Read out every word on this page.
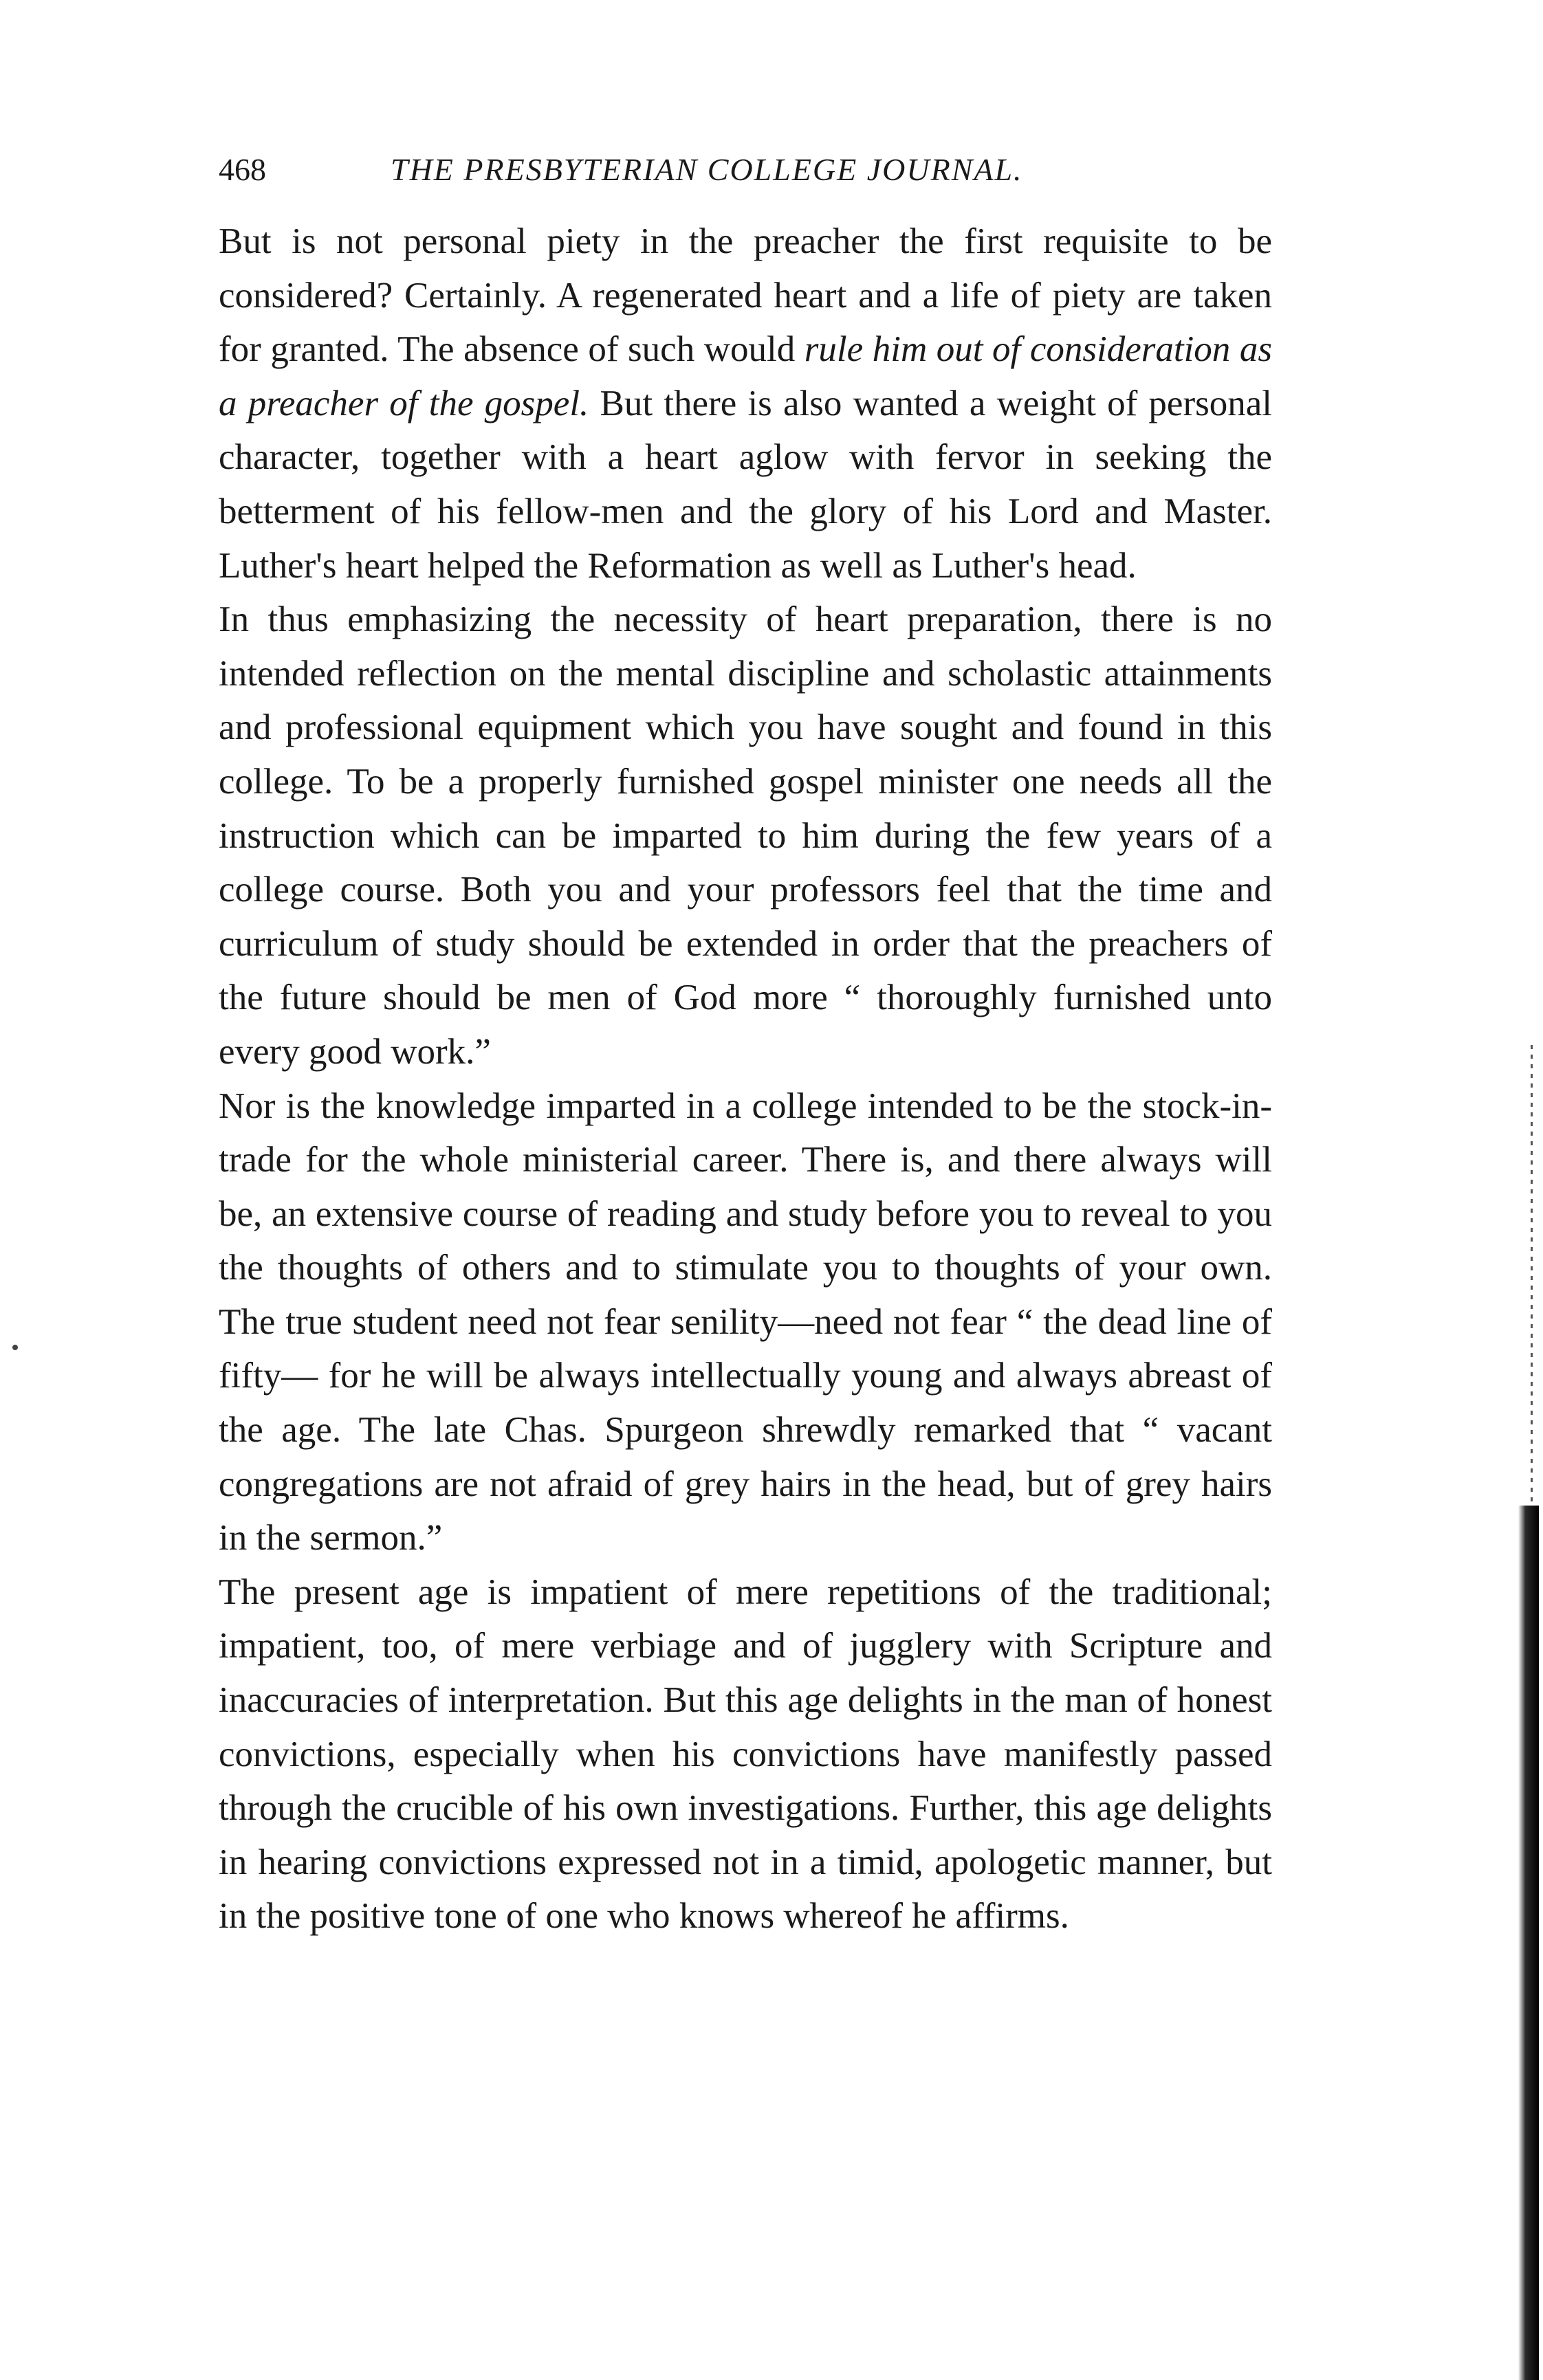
468	THE PRESBYTERIAN COLLEGE JOURNAL.

But is not personal piety in the preacher the first requisite to be considered? Certainly. A regenerated heart and a life of piety are taken for granted. The absence of such would rule him out of consideration as a preacher of the gospel. But there is also wanted a weight of personal character, together with a heart aglow with fervor in seeking the betterment of his fellow-men and the glory of his Lord and Master. Luther's heart helped the Reformation as well as Luther's head.

In thus emphasizing the necessity of heart preparation, there is no intended reflection on the mental discipline and scholastic attainments and professional equipment which you have sought and found in this college. To be a properly furnished gospel minister one needs all the instruction which can be imparted to him during the few years of a college course. Both you and your professors feel that the time and curriculum of study should be extended in order that the preachers of the future should be men of God more “ thoroughly furnished unto every good work.”

Nor is the knowledge imparted in a college intended to be the stock-in-trade for the whole ministerial career. There is, and there always will be, an extensive course of reading and study before you to reveal to you the thoughts of others and to stimulate you to thoughts of your own. The true student need not fear senility—need not fear “ the dead line of fifty— for he will be always intellectually young and always abreast of the age. The late Chas. Spurgeon shrewdly remarked that “ vacant congregations are not afraid of grey hairs in the head, but of grey hairs in the sermon.”

The present age is impatient of mere repetitions of the traditional; impatient, too, of mere verbiage and of jugglery with Scripture and inaccuracies of interpretation. But this age delights in the man of honest convictions, especially when his convictions have manifestly passed through the crucible of his own investigations. Further, this age delights in hearing convictions expressed not in a timid, apologetic manner, but in the positive tone of one who knows whereof he affirms.
